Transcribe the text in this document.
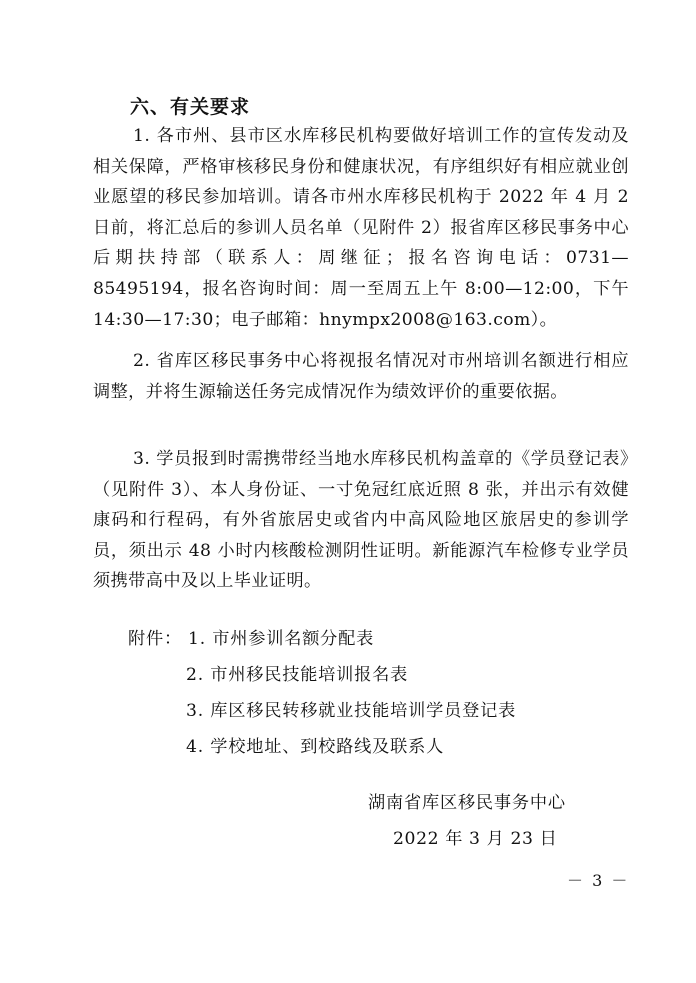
六、有关要求

1. 各市州、县市区水库移民机构要做好培训工作的宣传发动及相关保障，严格审核移民身份和健康状况，有序组织好有相应就业创业愿望的移民参加培训。请各市州水库移民机构于 2022 年 4 月 2 日前，将汇总后的参训人员名单（见附件 2）报省库区移民事务中心后期扶持部（联系人：周继征；报名咨询电话：0731—85495194，报名咨询时间：周一至周五上午 8:00—12:00，下午 14:30—17:30；电子邮箱：hnympx2008@163.com）。

2. 省库区移民事务中心将视报名情况对市州培训名额进行相应调整，并将生源输送任务完成情况作为绩效评价的重要依据。

3. 学员报到时需携带经当地水库移民机构盖章的《学员登记表》（见附件 3）、本人身份证、一寸免冠红底近照 8 张，并出示有效健康码和行程码，有外省旅居史或省内中高风险地区旅居史的参训学员，须出示 48 小时内核酸检测阴性证明。新能源汽车检修专业学员须携带高中及以上毕业证明。

附件： 1. 市州参训名额分配表
2. 市州移民技能培训报名表
3. 库区移民转移就业技能培训学员登记表
4. 学校地址、到校路线及联系人
湖南省库区移民事务中心
2022 年 3 月 23 日
－ 3 －
